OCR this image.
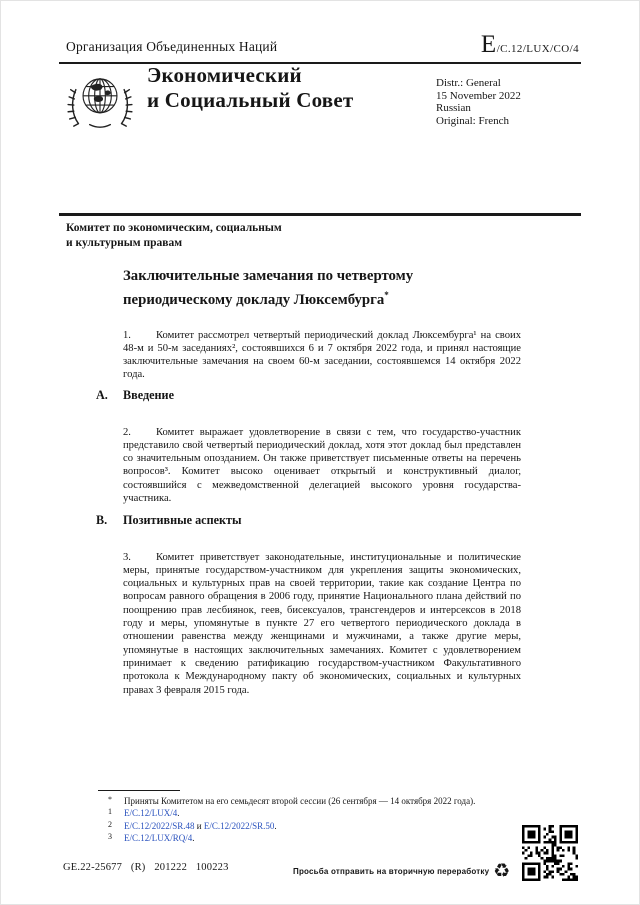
Организация Объединенных Наций	E /C.12/LUX/CO/4
Экономический
и Социальный Совет
Distr.: General
15 November 2022
Russian
Original: French
Комитет по экономическим, социальным
и культурным правам
Заключительные замечания по четвертому периодическому докладу Люксембурга*

1. Комитет рассмотрел четвертый периодический доклад Люксембурга¹ на своих 48-м и 50-м заседаниях², состоявшихся 6 и 7 октября 2022 года, и принял настоящие заключительные замечания на своем 60-м заседании, состоявшемся 14 октября 2022 года.

A.	Введение

2. Комитет выражает удовлетворение в связи с тем, что государство-участник представило свой четвертый периодический доклад, хотя этот доклад был представлен со значительным опозданием. Он также приветствует письменные ответы на перечень вопросов³. Комитет высоко оценивает открытый и конструктивный диалог, состоявшийся с межведомственной делегацией высокого уровня государства-участника.

B.	Позитивные аспекты

3. Комитет приветствует законодательные, институциональные и политические меры, принятые государством-участником для укрепления защиты экономических, социальных и культурных прав на своей территории, такие как создание Центра по вопросам равного обращения в 2006 году, принятие Национального плана действий по поощрению прав лесбиянок, геев, бисексуалов, трансгендеров и интерсексов в 2018 году и меры, упомянутые в пункте 27 его четвертого периодического доклада в отношении равенства между женщинами и мужчинами, а также другие меры, упомянутые в настоящих заключительных замечаниях. Комитет с удовлетворением принимает к сведению ратификацию государством-участником Факультативного протокола к Международному пакту об экономических, социальных и культурных правах 3 февраля 2015 года.

* Приняты Комитетом на его семьдесят второй сессии (26 сентября — 14 октября 2022 года).
$^1$ E/C.12/LUX/4.
$^2$ E/C.12/2022/SR.48 и E/C.12/2022/SR.50.
$^3$ E/C.12/LUX/RQ/4.
GE.22-25677 (R) 201222 100223	Просьба отправить на вторичную переработку ♻
